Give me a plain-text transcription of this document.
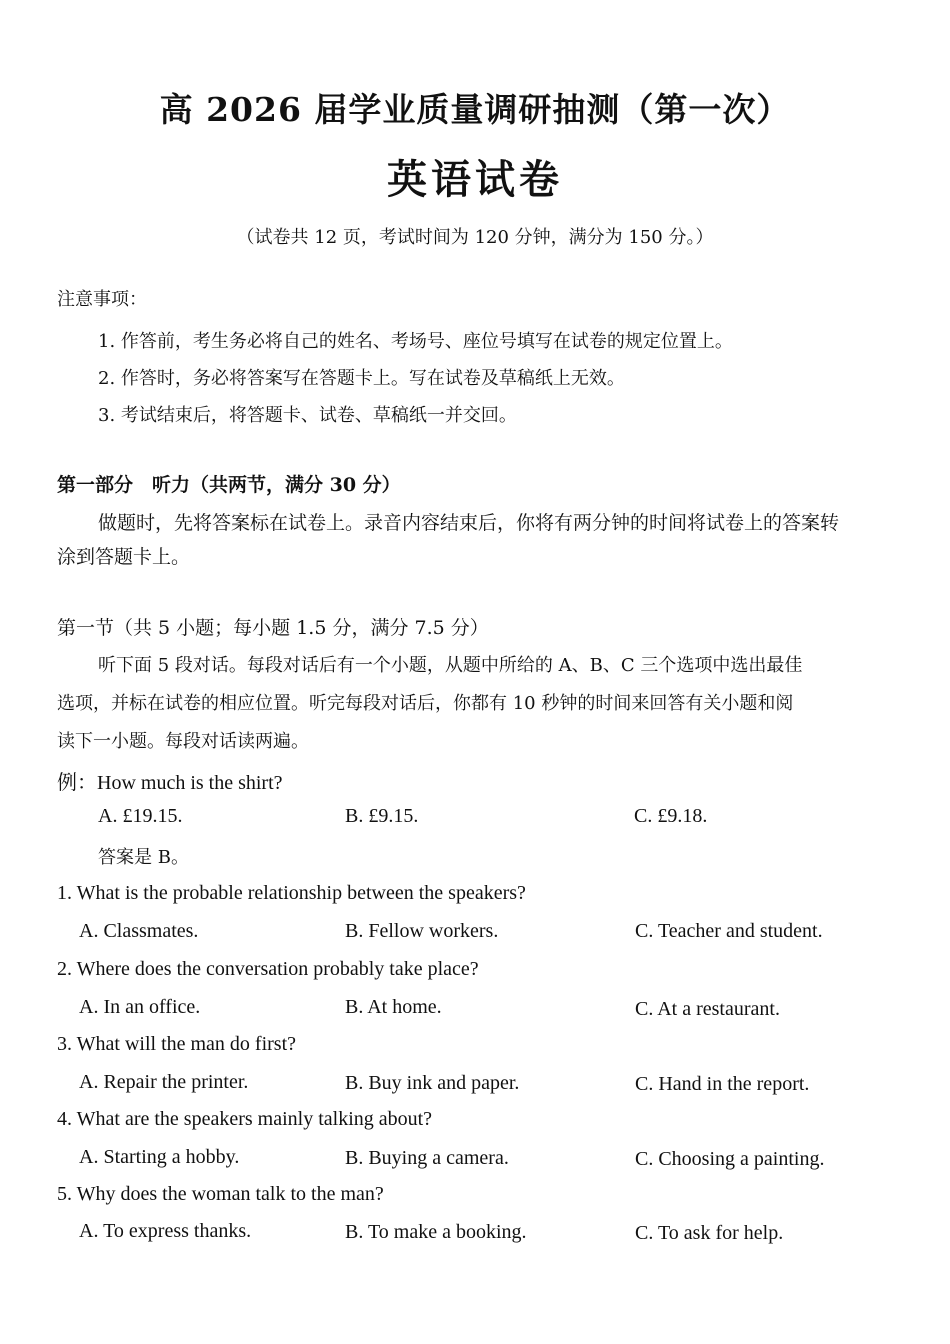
高 2026 届学业质量调研抽测（第一次）
英语试卷
（试卷共 12 页，考试时间为 120 分钟，满分为 150 分。）
注意事项：
1. 作答前，考生务必将自己的姓名、考场号、座位号填写在试卷的规定位置上。
2. 作答时，务必将答案写在答题卡上。写在试卷及草稿纸上无效。
3. 考试结束后，将答题卡、试卷、草稿纸一并交回。
第一部分　听力（共两节，满分 30 分）
做题时，先将答案标在试卷上。录音内容结束后，你将有两分钟的时间将试卷上的答案转
涂到答题卡上。
第一节（共 5 小题；每小题 1.5 分，满分 7.5 分）
听下面 5 段对话。每段对话后有一个小题，从题中所给的 A、B、C 三个选项中选出最佳
选项，并标在试卷的相应位置。听完每段对话后，你都有 10 秒钟的时间来回答有关小题和阅
读下一小题。每段对话读两遍。
例：How much is the shirt?
A. £19.15.	B. £9.15.	C. £9.18.
答案是 B。
1. What is the probable relationship between the speakers?
A. Classmates.	B. Fellow workers.	C. Teacher and student.
2. Where does the conversation probably take place?
A. In an office.	B. At home.	C. At a restaurant.
3. What will the man do first?
A. Repair the printer.	B. Buy ink and paper.	C. Hand in the report.
4. What are the speakers mainly talking about?
A. Starting a hobby.	B. Buying a camera.	C. Choosing a painting.
5. Why does the woman talk to the man?
A. To express thanks.	B. To make a booking.	C. To ask for help.
